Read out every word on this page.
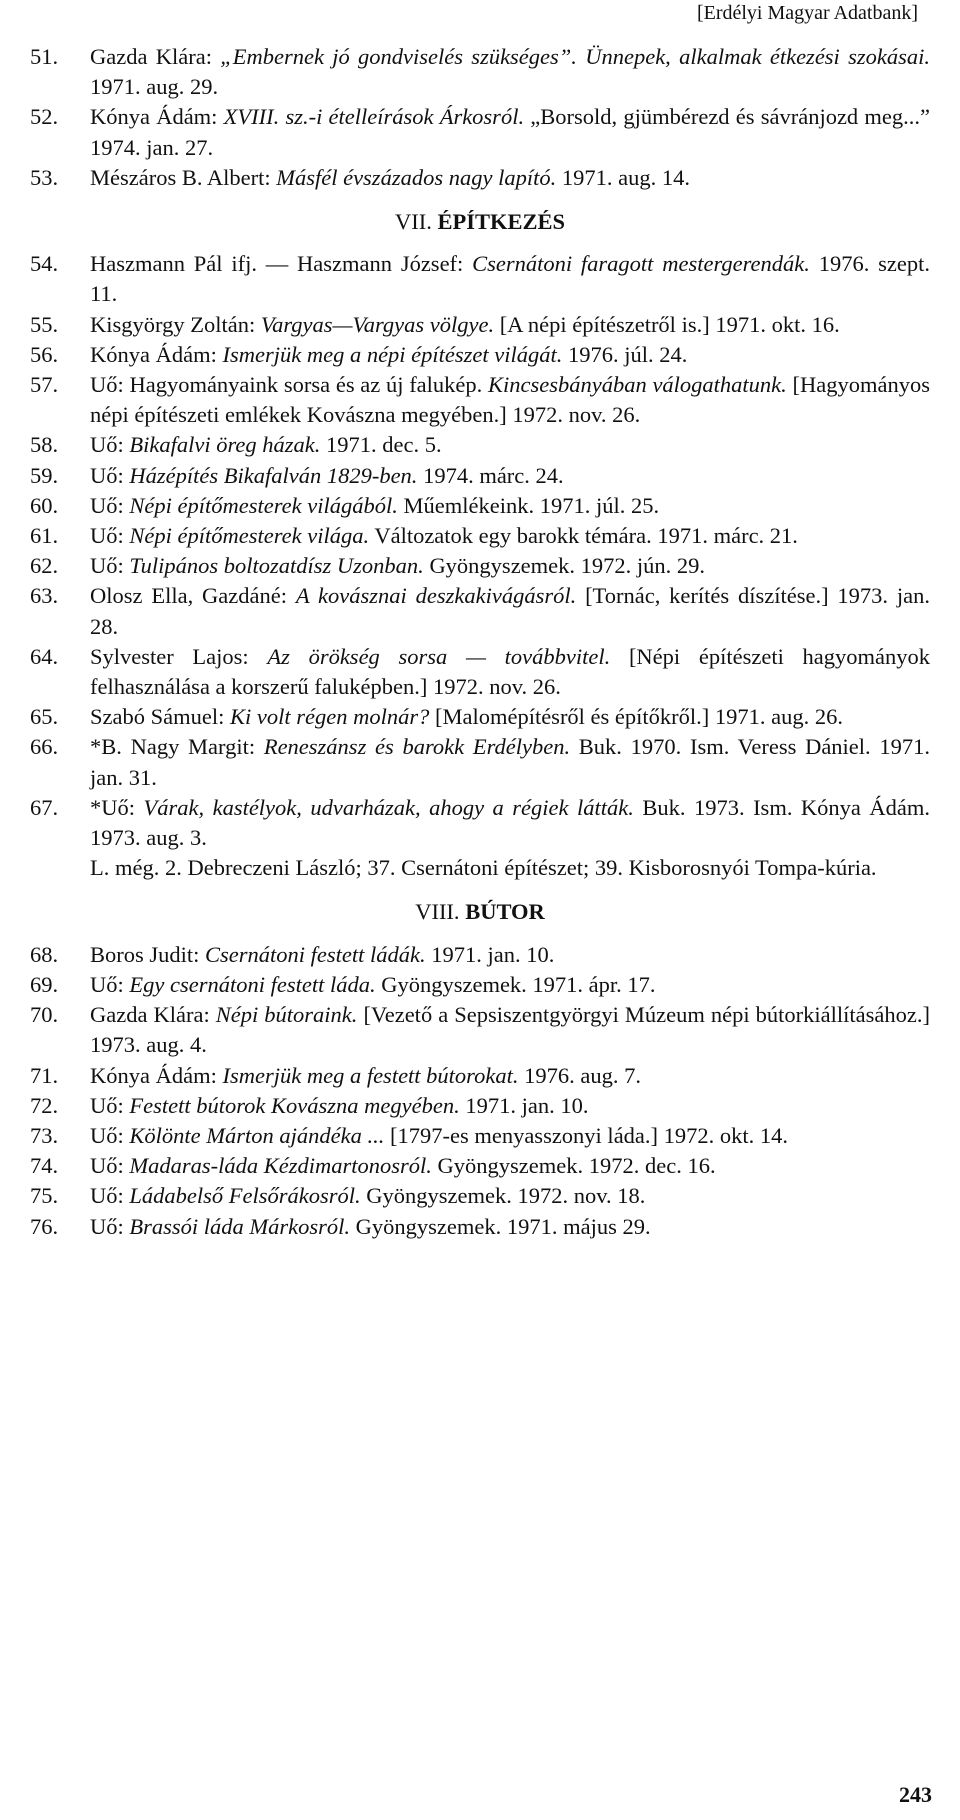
[Erdélyi Magyar Adatbank]
51.	Gazda Klára: „Embernek jó gondviselés szükséges”. Ünnepek, alkalmak étkezési szokásai. 1971. aug. 29.
52.	Kónya Ádám: XVIII. sz.-i ételleírások Árkosról. „Borsold, gjümbérezd és sávránjozd meg...” 1974. jan. 27.
53.	Mészáros B. Albert: Másfél évszázados nagy lapító. 1971. aug. 14.
VII. ÉPÍTKEZÉS
54.	Haszmann Pál ifj. — Haszmann József: Csernátoni faragott mestergerendák. 1976. szept. 11.
55.	Kisgyörgy Zoltán: Vargyas—Vargyas völgye. [A népi építészetről is.] 1971. okt. 16.
56.	Kónya Ádám: Ismerjük meg a népi építészet világát. 1976. júl. 24.
57.	Uő: Hagyományaink sorsa és az új falukép. Kincsesbányában válogathatunk. [Hagyományos népi építészeti emlékek Kovászna megyében.] 1972. nov. 26.
58.	Uő: Bikafalvi öreg házak. 1971. dec. 5.
59.	Uő: Házépítés Bikafalván 1829-ben. 1974. márc. 24.
60.	Uő: Népi építőmesterek világából. Műemlékeink. 1971. júl. 25.
61.	Uő: Népi építőmesterek világa. Változatok egy barokk témára. 1971. márc. 21.
62.	Uő: Tulipános boltozatdísz Uzonban. Gyöngyszemek. 1972. jún. 29.
63.	Olosz Ella, Gazdáné: A kovásznai deszkakivágásról. [Tornác, kerítés díszítése.] 1973. jan. 28.
64.	Sylvester Lajos: Az örökség sorsa — továbbvitel. [Népi építészeti hagyományok felhasználása a korszerű faluképben.] 1972. nov. 26.
65.	Szabó Sámuel: Ki volt régen molnár? [Malomépítésről és építőkről.] 1971. aug. 26.
66.	*B. Nagy Margit: Reneszánsz és barokk Erdélyben. Buk. 1970. Ism. Veress Dániel. 1971. jan. 31.
67.	*Uő: Várak, kastélyok, udvarházak, ahogy a régiek látták. Buk. 1973. Ism. Kónya Ádám. 1973. aug. 3.
L. még. 2. Debreczeni László; 37. Csernátoni építészet; 39. Kisborosnyói Tompa-kúria.
VIII. BÚTOR
68.	Boros Judit: Csernátoni festett ládák. 1971. jan. 10.
69.	Uő: Egy csernátoni festett láda. Gyöngyszemek. 1971. ápr. 17.
70.	Gazda Klára: Népi bútoraink. [Vezető a Sepsiszentgyörgyi Múzeum népi bútorkiállításához.] 1973. aug. 4.
71.	Kónya Ádám: Ismerjük meg a festett bútorokat. 1976. aug. 7.
72.	Uő: Festett bútorok Kovászna megyében. 1971. jan. 10.
73.	Uő: Kölönte Márton ajándéka ... [1797-es menyasszonyi láda.] 1972. okt. 14.
74.	Uő: Madaras-láda Kézdimartonosról. Gyöngyszemek. 1972. dec. 16.
75.	Uő: Ládabelső Felsőrákosról. Gyöngyszemek. 1972. nov. 18.
76.	Uő: Brassói láda Márkosról. Gyöngyszemek. 1971. május 29.
243
